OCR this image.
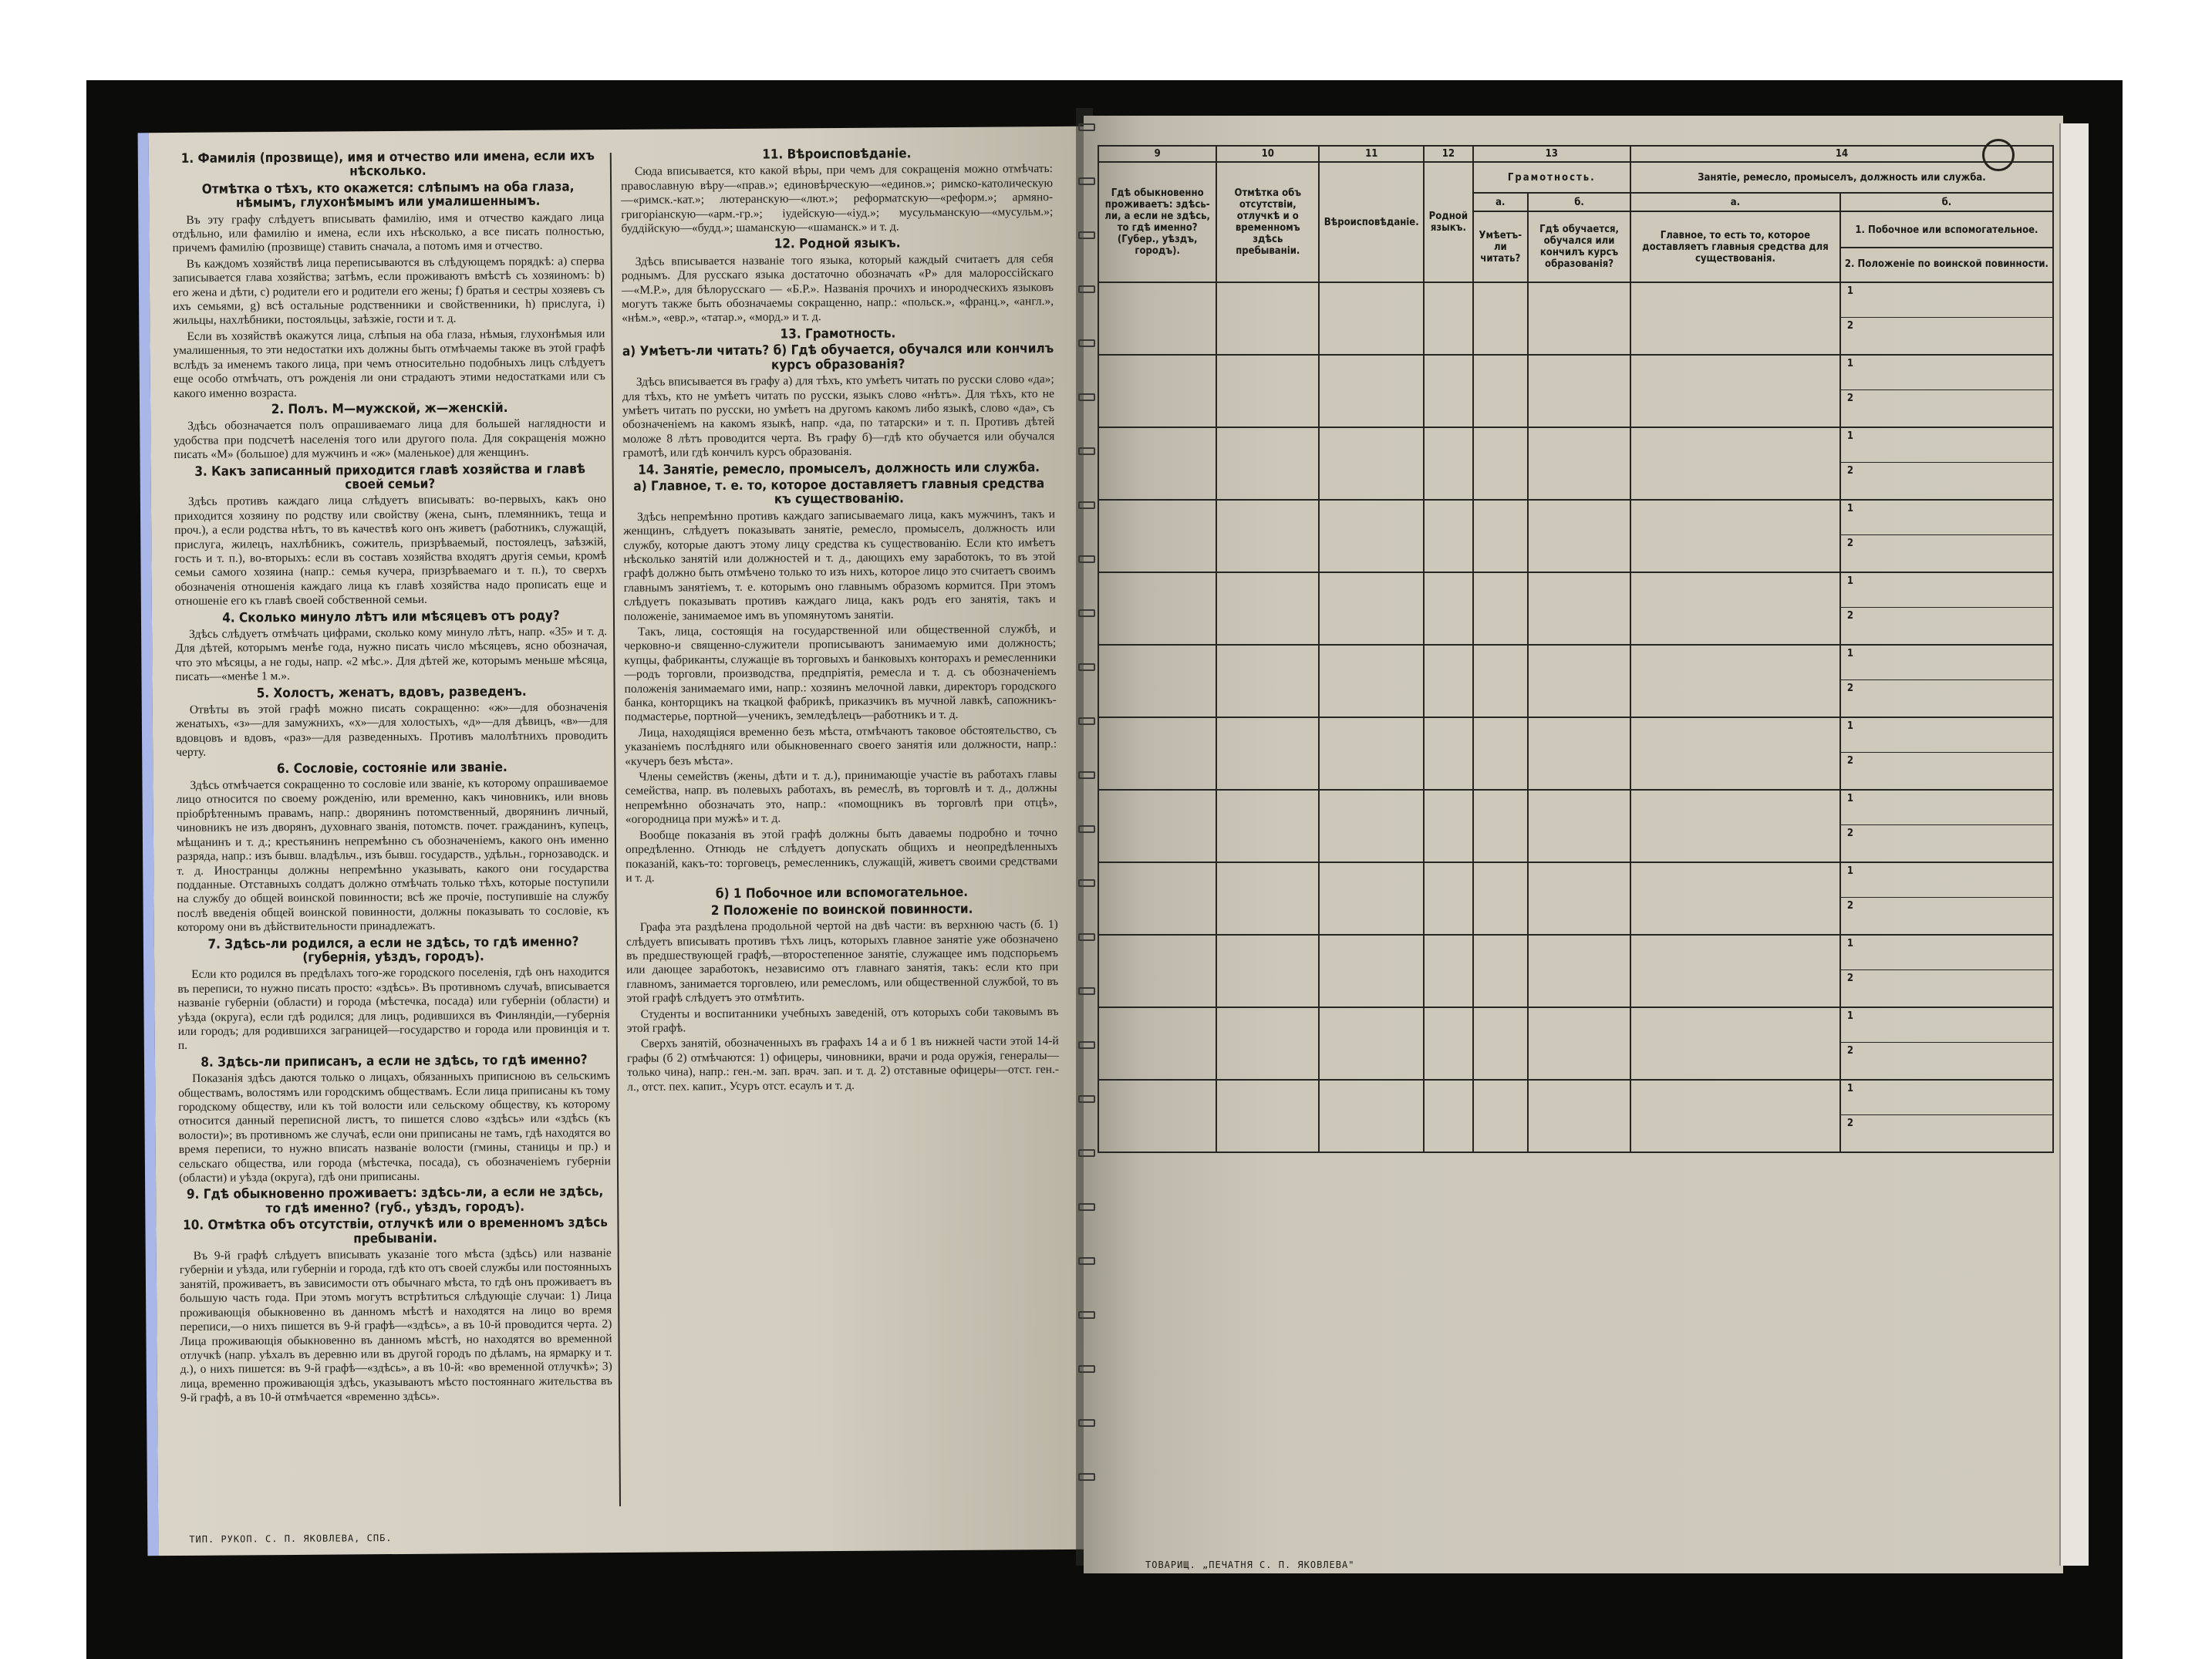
1. Фамилія (прозвище), имя и отчество или имена, если ихъ нѣсколько.
Отмѣтка о тѣхъ, кто окажется: слѣпымъ на оба глаза, нѣмымъ, глухонѣмымъ или умалишеннымъ.

Въ эту графу слѣдуетъ вписывать фамилію, имя и отчество каждаго лица отдѣльно, или фамилію и имена, если ихъ нѣсколько, а все писать полностью, причемъ фамилію (прозвище) ставить сначала, а потомъ имя и отчество.

Въ каждомъ хозяйствѣ лица переписываются въ слѣдующемъ порядкѣ: а) сперва записывается глава хозяйства; затѣмъ, если проживаютъ вмѣстѣ съ хозяиномъ: b) его жена и дѣти, c) родители его и родители его жены; f) братья и сестры хозяевъ съ ихъ семьями, g) всѣ остальные родственники и свойственники, h) прислуга, i) жильцы, нахлѣбники, постояльцы, заѣзжіе, гости и т. д.

Если въ хозяйствѣ окажутся лица, слѣпыя на оба глаза, нѣмыя, глухонѣмыя или умалишенныя, то эти недостатки ихъ должны быть отмѣчаемы также въ этой графѣ вслѣдъ за именемъ такого лица, при чемъ относительно подобныхъ лицъ слѣдуетъ еще особо отмѣчать, отъ рожденія ли они страдаютъ этими недостатками или съ какого именно возраста.

2. Полъ. М—мужской, ж—женскій.

Здѣсь обозначается полъ опрашиваемаго лица для большей наглядности и удобства при подсчетѣ населенія того или другого пола. Для сокращенія можно писать «М» (большое) для мужчинъ и «ж» (маленькое) для женщинъ.

3. Какъ записанный приходится главѣ хозяйства и главѣ своей семьи?

Здѣсь противъ каждаго лица слѣдуетъ вписывать: во-первыхъ, какъ оно приходится хозяину по родству или свойству (жена, сынъ, племянникъ, теща и проч.), а если родства нѣтъ, то въ качествѣ кого онъ живетъ (работникъ, служащій, прислуга, жилецъ, нахлѣбникъ, сожитель, призрѣваемый, постоялецъ, заѣзжій, гость и т. п.), во-вторыхъ: если въ составъ хозяйства входятъ другія семьи, кромѣ семьи самого хозяина (напр.: семья кучера, призрѣваемаго и т. п.), то сверхъ обозначенія отношенія каждаго лица къ главѣ хозяйства надо прописать еще и отношеніе его къ главѣ своей собственной семьи.

4. Сколько минуло лѣтъ или мѣсяцевъ отъ роду?

Здѣсь слѣдуетъ отмѣчать цифрами, сколько кому минуло лѣтъ, напр. «35» и т. д. Для дѣтей, которымъ менѣе года, нужно писать число мѣсяцевъ, ясно обозначая, что это мѣсяцы, а не годы, напр. «2 мѣс.». Для дѣтей же, которымъ меньше мѣсяца, писать—«менѣе 1 м.».

5. Холостъ, женатъ, вдовъ, разведенъ.

Отвѣты въ этой графѣ можно писать сокращенно: «ж»—для обозначенія женатыхъ, «з»—для замужнихъ, «х»—для холостыхъ, «д»—для дѣвицъ, «в»—для вдовцовъ и вдовъ, «раз»—для разведенныхъ. Противъ малолѣтнихъ проводить черту.

6. Сословіе, состояніе или званіе.

Здѣсь отмѣчается сокращенно то сословіе или званіе, къ которому опрашиваемое лицо относится по своему рожденію, или временно, какъ чиновникъ, или вновь пріобрѣтеннымъ правамъ, напр.: дворянинъ потомственный, дворянинъ личный, чиновникъ не изъ дворянъ, духовнаго званія, потомств. почет. гражданинъ, купецъ, мѣщанинъ и т. д.; крестьянинъ непремѣнно съ обозначеніемъ, какого онъ именно разряда, напр.: изъ бывш. владѣльч., изъ бывш. государств., удѣльн., горнозаводск. и т. д. Иностранцы должны непремѣнно указывать, какого они государства подданные. Отставныхъ солдатъ должно отмѣчать только тѣхъ, которые поступили на службу до общей воинской повинности; всѣ же прочіе, поступившіе на службу послѣ введенія общей воинской повинности, должны показывать то сословіе, къ которому они въ дѣйствительности принадлежатъ.

7. Здѣсь-ли родился, а если не здѣсь, то гдѣ именно? (губернія, уѣздъ, городъ).

Если кто родился въ предѣлахъ того-же городского поселенія, гдѣ онъ находится въ переписи, то нужно писать просто: «здѣсь». Въ противномъ случаѣ, вписывается названіе губерніи (области) и города (мѣстечка, посада) или губерніи (области) и уѣзда (округа), если гдѣ родился; для лицъ, родившихся въ Финляндіи,—губернія или городъ; для родившихся заграницей—государство и города или провинція и т. п.

8. Здѣсь-ли приписанъ, а если не здѣсь, то гдѣ именно?

Показанія здѣсь даются только о лицахъ, обязанныхъ приписною въ сельскимъ обществамъ, волостямъ или городскимъ обществамъ. Если лица приписаны къ тому городскому обществу, или къ той волости или сельскому обществу, къ которому относится данный переписной листъ, то пишется слово «здѣсь» или «здѣсь (къ волости)»; въ противномъ же случаѣ, если они приписаны не тамъ, гдѣ находятся во время переписи, то нужно вписать названіе волости (гмины, станицы и пр.) и сельскаго общества, или города (мѣстечка, посада), съ обозначеніемъ губерніи (области) и уѣзда (округа), гдѣ они приписаны.

9. Гдѣ обыкновенно проживаетъ: здѣсь-ли, а если не здѣсь, то гдѣ именно? (губ., уѣздъ, городъ).
10. Отмѣтка объ отсутствіи, отлучкѣ или о временномъ здѣсь пребываніи.

Въ 9-й графѣ слѣдуетъ вписывать указаніе того мѣста (здѣсь) или названіе губерніи и уѣзда, или губерніи и города, гдѣ кто отъ своей службы или постоянныхъ занятій, проживаетъ, въ зависимости отъ обычнаго мѣста, то гдѣ онъ проживаетъ въ большую часть года. При этомъ могутъ встрѣтиться слѣдующіе случаи: 1) Лица проживающія обыкновенно въ данномъ мѣстѣ и находятся на лицо во время переписи,—о нихъ пишется въ 9-й графѣ—«здѣсь», а въ 10-й проводится черта. 2) Лица проживающія обыкновенно въ данномъ мѣстѣ, но находятся во временной отлучкѣ (напр. уѣхалъ въ деревню или въ другой городъ по дѣламъ, на ярмарку и т. д.), о нихъ пишется: въ 9-й графѣ—«здѣсь», а въ 10-й: «во временной отлучкѣ»; 3) лица, временно проживающія здѣсь, указываютъ мѣсто постояннаго жительства въ 9-й графѣ, а въ 10-й отмѣчается «временно здѣсь».

11. Вѣроисповѣданіе.

Сюда вписывается, кто какой вѣры, при чемъ для сокращенія можно отмѣчать: православную вѣру—«прав.»; единовѣрческую—«единов.»; римско-католическую—«римск.-кат.»; лютеранскую—«лют.»; реформатскую—«реформ.»; армяно-григоріанскую—«арм.-гр.»; іудейскую—«іуд.»; мусульманскую—«мусульм.»; буддійскую—«будд.»; шаманскую—«шаманск.» и т. д.

12. Родной языкъ.

Здѣсь вписывается названіе того языка, который каждый считаетъ для себя роднымъ. Для русскаго языка достаточно обозначать «Р» для малороссійскаго—«М.Р.», для бѣлорусскаго — «Б.Р.». Названія прочихъ и инородческихъ языковъ могутъ также быть обозначаемы сокращенно, напр.: «польск.», «франц.», «англ.», «нѣм.», «евр.», «татар.», «морд.» и т. д.

13. Грамотность.
а) Умѣетъ-ли читать? б) Гдѣ обучается, обучался или кончилъ курсъ образованія?

Здѣсь вписывается въ графу а) для тѣхъ, кто умѣетъ читать по русски слово «да»; для тѣхъ, кто не умѣетъ читать по русски, языкъ слово «нѣтъ». Для тѣхъ, кто не умѣетъ читать по русски, но умѣетъ на другомъ какомъ либо языкѣ, слово «да», съ обозначеніемъ на какомъ языкѣ, напр. «да, по татарски» и т. п. Противъ дѣтей моложе 8 лѣтъ проводится черта. Въ графу б)—гдѣ кто обучается или обучался грамотѣ, или гдѣ кончилъ курсъ образованія.

14. Занятіе, ремесло, промыселъ, должность или служба.
а) Главное, т. е. то, которое доставляетъ главныя средства къ существованію.

Здѣсь непремѣнно противъ каждаго записываемаго лица, какъ мужчинъ, такъ и женщинъ, слѣдуетъ показывать занятіе, ремесло, промыселъ, должность или службу, которые даютъ этому лицу средства къ существованію. Если кто имѣетъ нѣсколько занятій или должностей и т. д., дающихъ ему заработокъ, то въ этой графѣ должно быть отмѣчено только то изъ нихъ, которое лицо это считаетъ своимъ главнымъ занятіемъ, т. е. которымъ оно главнымъ образомъ кормится. При этомъ слѣдуетъ показывать противъ каждаго лица, какъ родъ его занятія, такъ и положеніе, занимаемое имъ въ упомянутомъ занятіи.

Такъ, лица, состоящія на государственной или общественной службѣ, и черковно-и священно-служители прописываютъ занимаемую ими должность; купцы, фабриканты, служащіе въ торговыхъ и банковыхъ конторахъ и ремесленники—родъ торговли, производства, предпріятія, ремесла и т. д. съ обозначеніемъ положенія занимаемаго ими, напр.: хозяинъ мелочной лавки, директоръ городского банка, конторщикъ на ткацкой фабрикѣ, приказчикъ въ мучной лавкѣ, сапожникъ-подмастерье, портной—ученикъ, земледѣлецъ—работникъ и т. д.

Лица, находящіяся временно безъ мѣста, отмѣчаютъ таковое обстоятельство, съ указаніемъ послѣдняго или обыкновеннаго своего занятія или должности, напр.: «кучеръ безъ мѣста».

Члены семействъ (жены, дѣти и т. д.), принимающіе участіе въ работахъ главы семейства, напр. въ полевыхъ работахъ, въ ремеслѣ, въ торговлѣ и т. д., должны непремѣнно обозначать это, напр.: «помощникъ въ торговлѣ при отцѣ», «огородница при мужѣ» и т. д.

Вообще показанія въ этой графѣ должны быть даваемы подробно и точно опредѣленно. Отнюдь не слѣдуетъ допускать общихъ и неопредѣленныхъ показаній, какъ-то: торговецъ, ремесленникъ, служащій, живетъ своими средствами и т. д.

б) 1 Побочное или вспомогательное.
2 Положеніе по воинской повинности.

Графа эта раздѣлена продольной чертой на двѣ части: въ верхнюю часть (б. 1) слѣдуетъ вписывать противъ тѣхъ лицъ, которыхъ главное занятіе уже обозначено въ предшествующей графѣ,—второстепенное занятіе, служащее имъ подспорьемъ или дающее заработокъ, независимо отъ главнаго занятія, такъ: если кто при главномъ, занимается торговлею, или ремесломъ, или общественной службой, то въ этой графѣ слѣдуетъ это отмѣтить.

Студенты и воспитанники учебныхъ заведеній, отъ которыхъ соби таковымъ въ этой графѣ.

Сверхъ занятій, обозначенныхъ въ графахъ 14 а и б 1 въ нижней части этой 14-й графы (б 2) отмѣчаются: 1) офицеры, чиновники, врачи и рода оружія, генералы—только чина), напр.: ген.-м. зап. врач. зап. и т. д. 2) отставные офицеры—отст. ген.-л., отст. пех. капит., Усуръ отст. есаулъ и т. д.

ТИП. РУКОП. С. П. ЯКОВЛЕВА, СПБ.
9	10	11	12	13		14	
Гдѣ обыкновенно проживаетъ: здѣсь-ли, а если не здѣсь, то гдѣ именно? (Губер., уѣздъ, городъ).	Отмѣтка объ отсутствіи, отлучкѣ и о временномъ здѣсь пребываніи.	Вѣроисповѣданіе.	Родной языкъ.	Грамотность.		Занятіе, ремесло, промыселъ, должность или служба.	
				а.	б.	а.	б.
				Умѣетъ-ли читать?	Гдѣ обучается, обучался или кончилъ курсъ образованія?	Главное, то есть то, которое доставляетъ главныя средства для существованія.	1. Побочное или вспомогательное.
2. Положеніе по воинской повинности.

							1
2

							1
2

							1
2

							1
2

							1
2

							1
2

							1
2

							1
2

							1
2

							1
2

							1
2

							1
2
ТОВАРИЩ. „ПЕЧАТНЯ С. П. ЯКОВЛЕВА"
